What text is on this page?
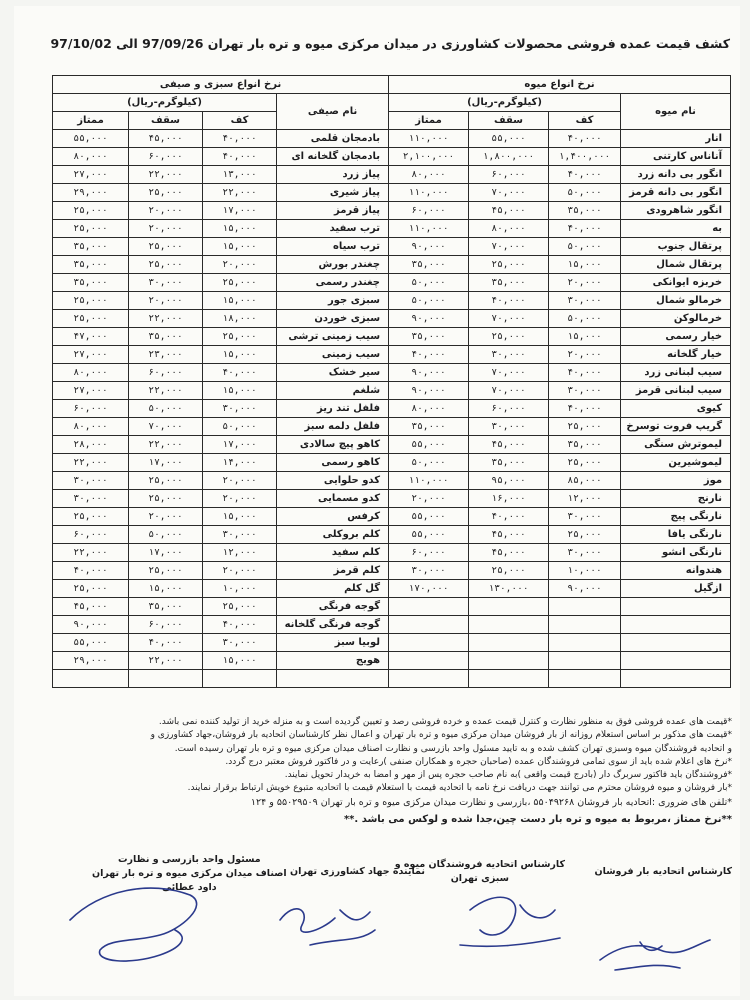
کشف قیمت عمده فروشی محصولات کشاورزی در میدان مرکزی میوه و تره بار تهران 97/09/26 الی 97/10/02
نرخ انواع میوه				نرخ انواع سبزی و صیفی			
نام میوه	(کیلوگرم-ریال)			نام صیفی	(کیلوگرم-ریال)		
	کف	سقف	ممتاز		کف	سقف	ممتاز
انار	۴۰,۰۰۰	۵۵,۰۰۰	۱۱۰,۰۰۰	بادمجان قلمی	۴۰,۰۰۰	۴۵,۰۰۰	۵۵,۰۰۰
آناناس کارتنی	۱,۴۰۰,۰۰۰	۱,۸۰۰,۰۰۰	۲,۱۰۰,۰۰۰	بادمجان گلخانه ای	۴۰,۰۰۰	۶۰,۰۰۰	۸۰,۰۰۰
انگور بی دانه زرد	۴۰,۰۰۰	۶۰,۰۰۰	۸۰,۰۰۰	پیاز زرد	۱۳,۰۰۰	۲۲,۰۰۰	۲۷,۰۰۰
انگور بی دانه قرمز	۵۰,۰۰۰	۷۰,۰۰۰	۱۱۰,۰۰۰	پیاز شیری	۲۲,۰۰۰	۲۵,۰۰۰	۲۹,۰۰۰
انگور شاهرودی	۳۵,۰۰۰	۴۵,۰۰۰	۶۰,۰۰۰	پیاز قرمز	۱۷,۰۰۰	۲۰,۰۰۰	۲۵,۰۰۰
به	۴۰,۰۰۰	۸۰,۰۰۰	۱۱۰,۰۰۰	ترب سفید	۱۵,۰۰۰	۲۰,۰۰۰	۲۵,۰۰۰
پرتقال جنوب	۵۰,۰۰۰	۷۰,۰۰۰	۹۰,۰۰۰	ترب سیاه	۱۵,۰۰۰	۲۵,۰۰۰	۳۵,۰۰۰
پرتقال شمال	۱۵,۰۰۰	۲۵,۰۰۰	۳۵,۰۰۰	چغندر بورش	۲۰,۰۰۰	۲۵,۰۰۰	۳۵,۰۰۰
خربزه ایوانکی	۲۰,۰۰۰	۳۵,۰۰۰	۵۰,۰۰۰	چغندر رسمی	۲۵,۰۰۰	۳۰,۰۰۰	۳۵,۰۰۰
خرمالو شمال	۳۰,۰۰۰	۴۰,۰۰۰	۵۰,۰۰۰	سبزی جور	۱۵,۰۰۰	۲۰,۰۰۰	۲۵,۰۰۰
خرمالوکن	۵۰,۰۰۰	۷۰,۰۰۰	۹۰,۰۰۰	سبزی خوردن	۱۸,۰۰۰	۲۲,۰۰۰	۲۵,۰۰۰
خیار رسمی	۱۵,۰۰۰	۲۵,۰۰۰	۳۵,۰۰۰	سیب زمینی ترشی	۲۵,۰۰۰	۳۵,۰۰۰	۴۷,۰۰۰
خیار گلخانه	۲۰,۰۰۰	۳۰,۰۰۰	۴۰,۰۰۰	سیب زمینی	۱۵,۰۰۰	۲۳,۰۰۰	۲۷,۰۰۰
سیب لبنانی زرد	۴۰,۰۰۰	۷۰,۰۰۰	۹۰,۰۰۰	سیر خشک	۴۰,۰۰۰	۶۰,۰۰۰	۸۰,۰۰۰
سیب لبنانی قرمز	۳۰,۰۰۰	۷۰,۰۰۰	۹۰,۰۰۰	شلغم	۱۵,۰۰۰	۲۲,۰۰۰	۲۷,۰۰۰
کیوی	۴۰,۰۰۰	۶۰,۰۰۰	۸۰,۰۰۰	فلفل تند ریز	۳۰,۰۰۰	۵۰,۰۰۰	۶۰,۰۰۰
گریپ فروت توسرخ	۲۵,۰۰۰	۳۰,۰۰۰	۳۵,۰۰۰	فلفل دلمه سبز	۵۰,۰۰۰	۷۰,۰۰۰	۸۰,۰۰۰
لیموترش سنگی	۳۵,۰۰۰	۴۵,۰۰۰	۵۵,۰۰۰	کاهو پیچ سالادی	۱۷,۰۰۰	۲۲,۰۰۰	۲۸,۰۰۰
لیموشیرین	۲۵,۰۰۰	۳۵,۰۰۰	۵۰,۰۰۰	کاهو رسمی	۱۴,۰۰۰	۱۷,۰۰۰	۲۲,۰۰۰
موز	۸۵,۰۰۰	۹۵,۰۰۰	۱۱۰,۰۰۰	کدو حلوایی	۲۰,۰۰۰	۲۵,۰۰۰	۳۰,۰۰۰
نارنج	۱۲,۰۰۰	۱۶,۰۰۰	۲۰,۰۰۰	کدو مسمایی	۲۰,۰۰۰	۲۵,۰۰۰	۳۰,۰۰۰
نارنگی پیج	۳۰,۰۰۰	۴۰,۰۰۰	۵۵,۰۰۰	کرفس	۱۵,۰۰۰	۲۰,۰۰۰	۲۵,۰۰۰
نارنگی یافا	۲۵,۰۰۰	۴۵,۰۰۰	۵۵,۰۰۰	کلم بروکلی	۳۰,۰۰۰	۵۰,۰۰۰	۶۰,۰۰۰
نارنگی انشو	۳۰,۰۰۰	۴۵,۰۰۰	۶۰,۰۰۰	کلم سفید	۱۲,۰۰۰	۱۷,۰۰۰	۲۲,۰۰۰
هندوانه	۱۰,۰۰۰	۲۵,۰۰۰	۳۰,۰۰۰	کلم قرمز	۲۰,۰۰۰	۲۵,۰۰۰	۴۰,۰۰۰
ازگیل	۹۰,۰۰۰	۱۳۰,۰۰۰	۱۷۰,۰۰۰	گل کلم	۱۰,۰۰۰	۱۵,۰۰۰	۲۵,۰۰۰
				گوجه فرنگی	۲۵,۰۰۰	۳۵,۰۰۰	۴۵,۰۰۰
				گوجه فرنگی گلخانه	۴۰,۰۰۰	۶۰,۰۰۰	۹۰,۰۰۰
				لوبیا سبز	۳۰,۰۰۰	۴۰,۰۰۰	۵۵,۰۰۰
				هویج	۱۵,۰۰۰	۲۲,۰۰۰	۲۹,۰۰۰

*قیمت های عمده فروشی فوق به منظور نظارت و کنترل قیمت عمده و خرده فروشی رصد و تعیین گردیده است و به منزله خرید از تولید کننده نمی باشد.

*قیمت های مذکور بر اساس استعلام روزانه از بار فروشان میدان مرکزی میوه و تره بار تهران و اعمال نظر کارشناسان اتحادیه بار فروشان،جهاد کشاورزی و

و اتحادیه فروشندگان میوه وسبزی تهران کشف شده و به تایید مسئول واحد بازرسی و نظارت اصناف میدان مرکزی میوه و تره بار تهران رسیده است.

*نرخ های اعلام شده باید از سوی تمامی فروشندگان عمده (صاحبان حجره و همکاران صنفی )رعایت و در فاکتور فروش معتبر درج گردد.

*فروشندگان باید فاکتور سربرگ دار (بادرج قیمت واقعی )به نام صاحب حجره پس از مهر و امضا به خریدار تحویل نمایند.

*بار فروشان و میوه فروشان محترم می توانند جهت دریافت نرخ نامه با اتحادیه قیمت با استعلام قیمت با اتحادیه متبوع خویش ارتباط برقرار نمایند.

*تلفن های ضروری :اتحادیه بار فروشان ۵۵۰۴۹۲۶۸ ،بازرسی و نظارت میدان مرکزی میوه و تره بار تهران ۵۵۰۲۹۵۰۹ و ۱۲۴

**نرخ ممتاز ،مربوط به میوه و تره بار دست چین،جدا شده و لوکس می باشد .**

کارشناس اتحادیه بار فروشان
کارشناس اتحادیه فروشندگان میوه و
سبزی تهران
نماینده جهاد کشاورزی تهران
مسئول واحد بازرسی و نظارت
اصناف میدان مرکزی میوه و تره بار تهران
داود عطائی
